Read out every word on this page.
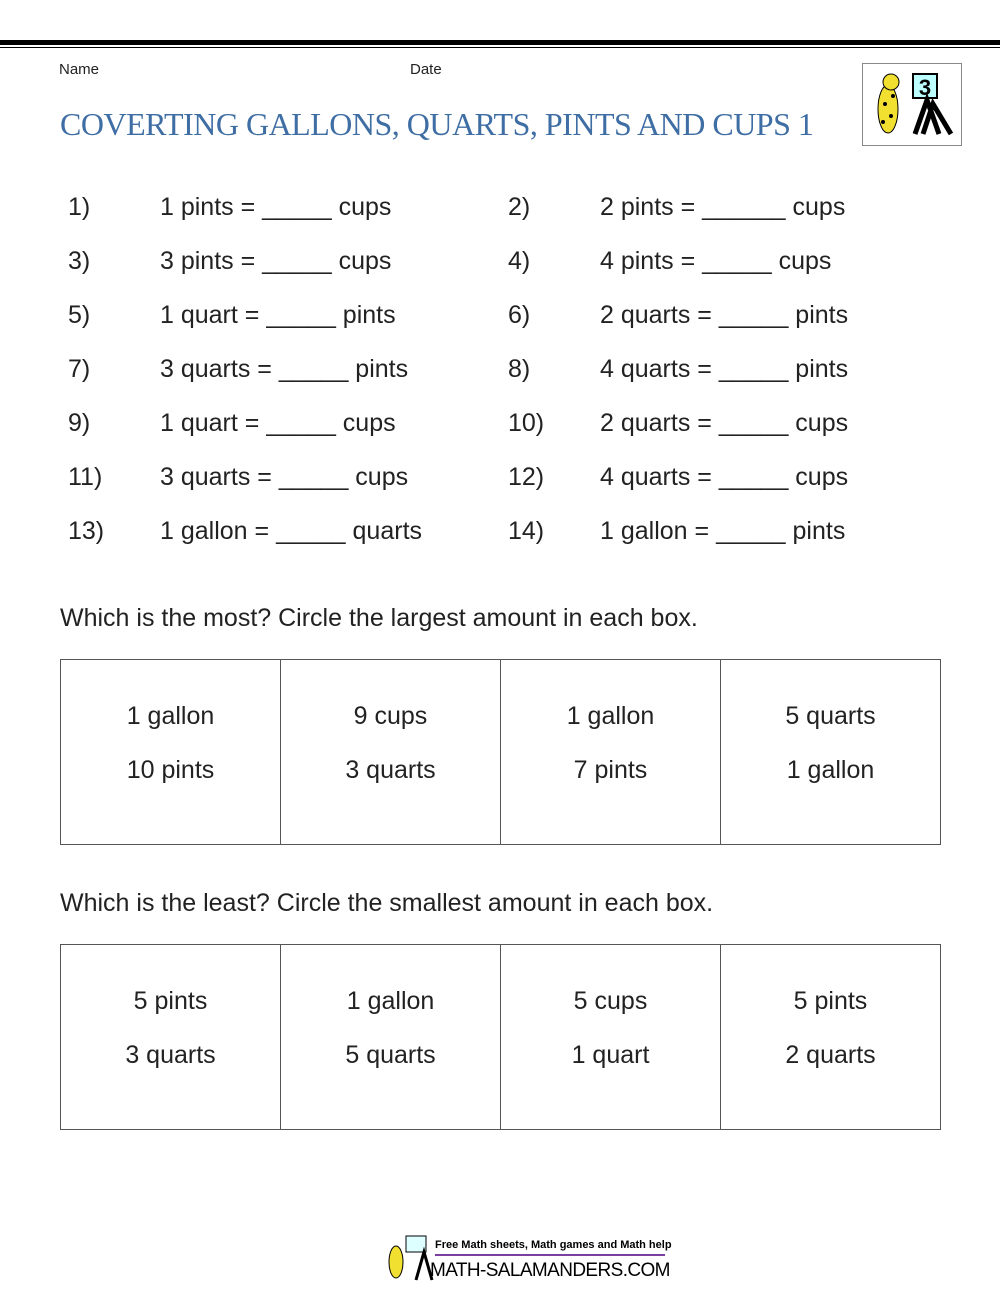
Name	Date
COVERTING GALLONS, QUARTS, PINTS AND CUPS 1
3
1)	1 pints = _____ cups	2)	2 pints = ______ cups
3)	3 pints = _____ cups	4)	4 pints = _____ cups
5)	1 quart = _____ pints	6)	2 quarts = _____ pints
7)	3 quarts = _____ pints	8)	4 quarts = _____ pints
9)	1 quart = _____ cups	10) 2 quarts = _____ cups
11) 3 quarts = _____ cups	12) 4 quarts = _____ cups
13) 1 gallon = _____ quarts	14) 1 gallon = _____ pints
Which is the most? Circle the largest amount in each box.
1 gallon
10 pints

9 cups
3 quarts

1 gallon
7 pints

5 quarts
1 gallon
Which is the least? Circle the smallest amount in each box.
5 pints
3 quarts

1 gallon
5 quarts

5 cups
1 quart

5 pints
2 quarts
Free Math sheets, Math games and Math help
MATH-SALAMANDERS.COM
